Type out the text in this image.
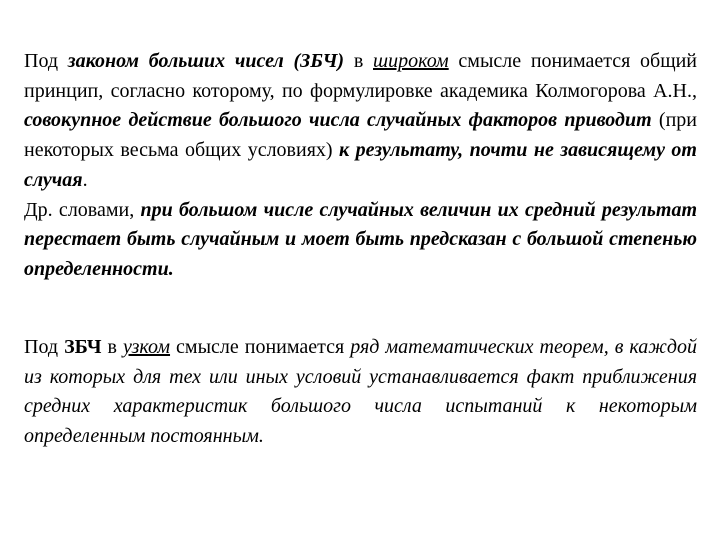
Под законом больших чисел (ЗБЧ) в широком смысле понимается общий принцип, согласно которому, по формулировке академика Колмогорова А.Н., совокупное действие большого числа случайных факторов приводит (при некоторых весьма общих условиях) к результату, почти не зависящему от случая.

Др. словами, при большом числе случайных величин их средний результат перестает быть случайным и моет быть предсказан с большой степенью определенности.

Под ЗБЧ в узком смысле понимается ряд математических теорем, в каждой из которых для тех или иных условий устанавливается факт приближения средних характеристик большого числа испытаний к некоторым определенным постоянным.
